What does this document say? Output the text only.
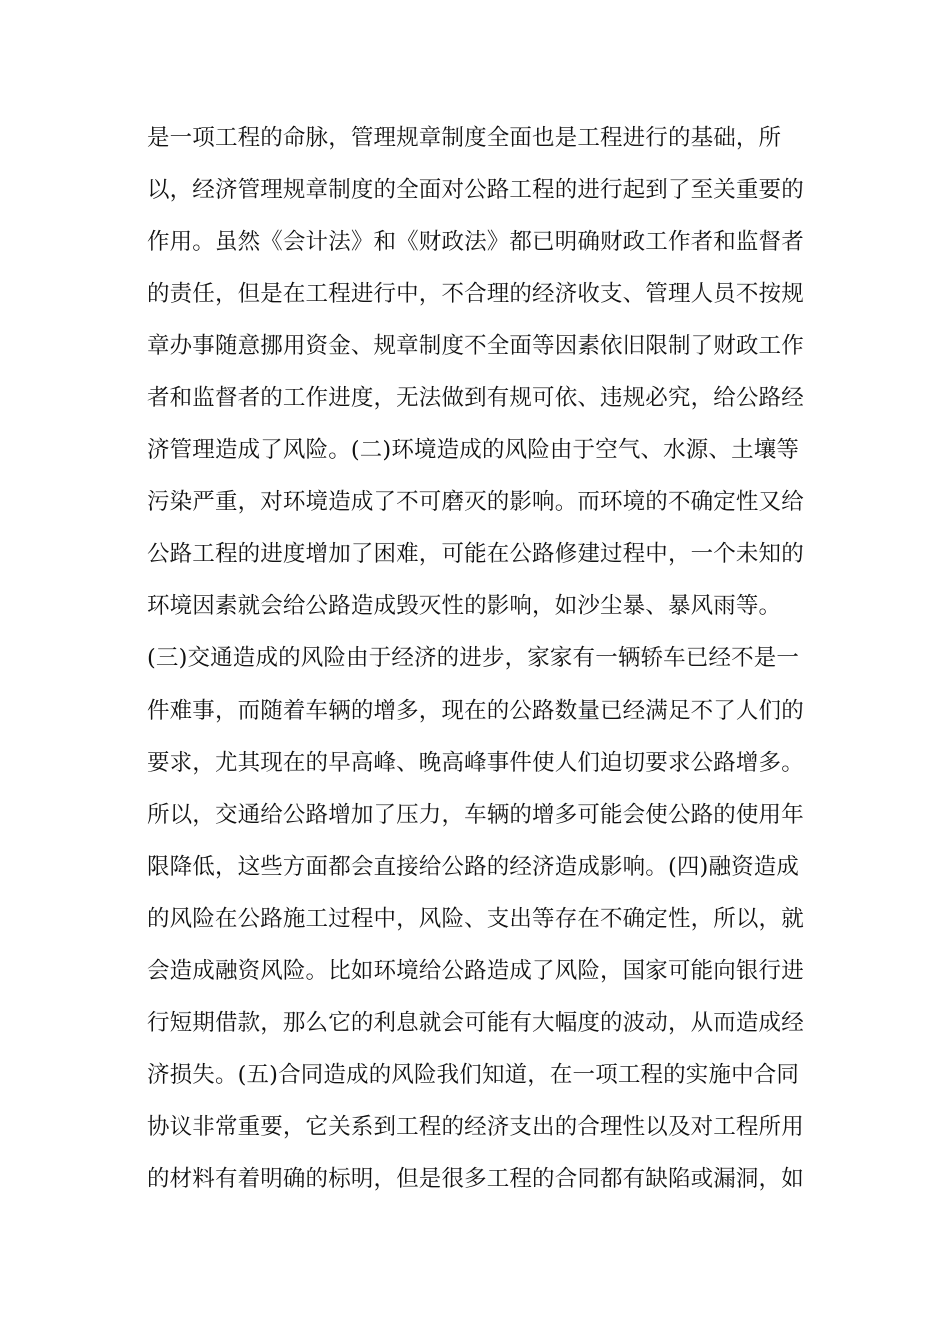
是一项工程的命脉，管理规章制度全面也是工程进行的基础，所
以，经济管理规章制度的全面对公路工程的进行起到了至关重要的
作用。虽然《会计法》和《财政法》都已明确财政工作者和监督者
的责任，但是在工程进行中，不合理的经济收支、管理人员不按规
章办事随意挪用资金、规章制度不全面等因素依旧限制了财政工作
者和监督者的工作进度，无法做到有规可依、违规必究，给公路经
济管理造成了风险。(二)环境造成的风险由于空气、水源、土壤等
污染严重，对环境造成了不可磨灭的影响。而环境的不确定性又给
公路工程的进度增加了困难，可能在公路修建过程中，一个未知的
环境因素就会给公路造成毁灭性的影响，如沙尘暴、暴风雨等。
(三)交通造成的风险由于经济的进步，家家有一辆轿车已经不是一
件难事，而随着车辆的增多，现在的公路数量已经满足不了人们的
要求，尤其现在的早高峰、晚高峰事件使人们迫切要求公路增多。
所以，交通给公路增加了压力，车辆的增多可能会使公路的使用年
限降低，这些方面都会直接给公路的经济造成影响。(四)融资造成
的风险在公路施工过程中，风险、支出等存在不确定性，所以，就
会造成融资风险。比如环境给公路造成了风险，国家可能向银行进
行短期借款，那么它的利息就会可能有大幅度的波动，从而造成经
济损失。(五)合同造成的风险我们知道，在一项工程的实施中合同
协议非常重要，它关系到工程的经济支出的合理性以及对工程所用
的材料有着明确的标明，但是很多工程的合同都有缺陷或漏洞，如
